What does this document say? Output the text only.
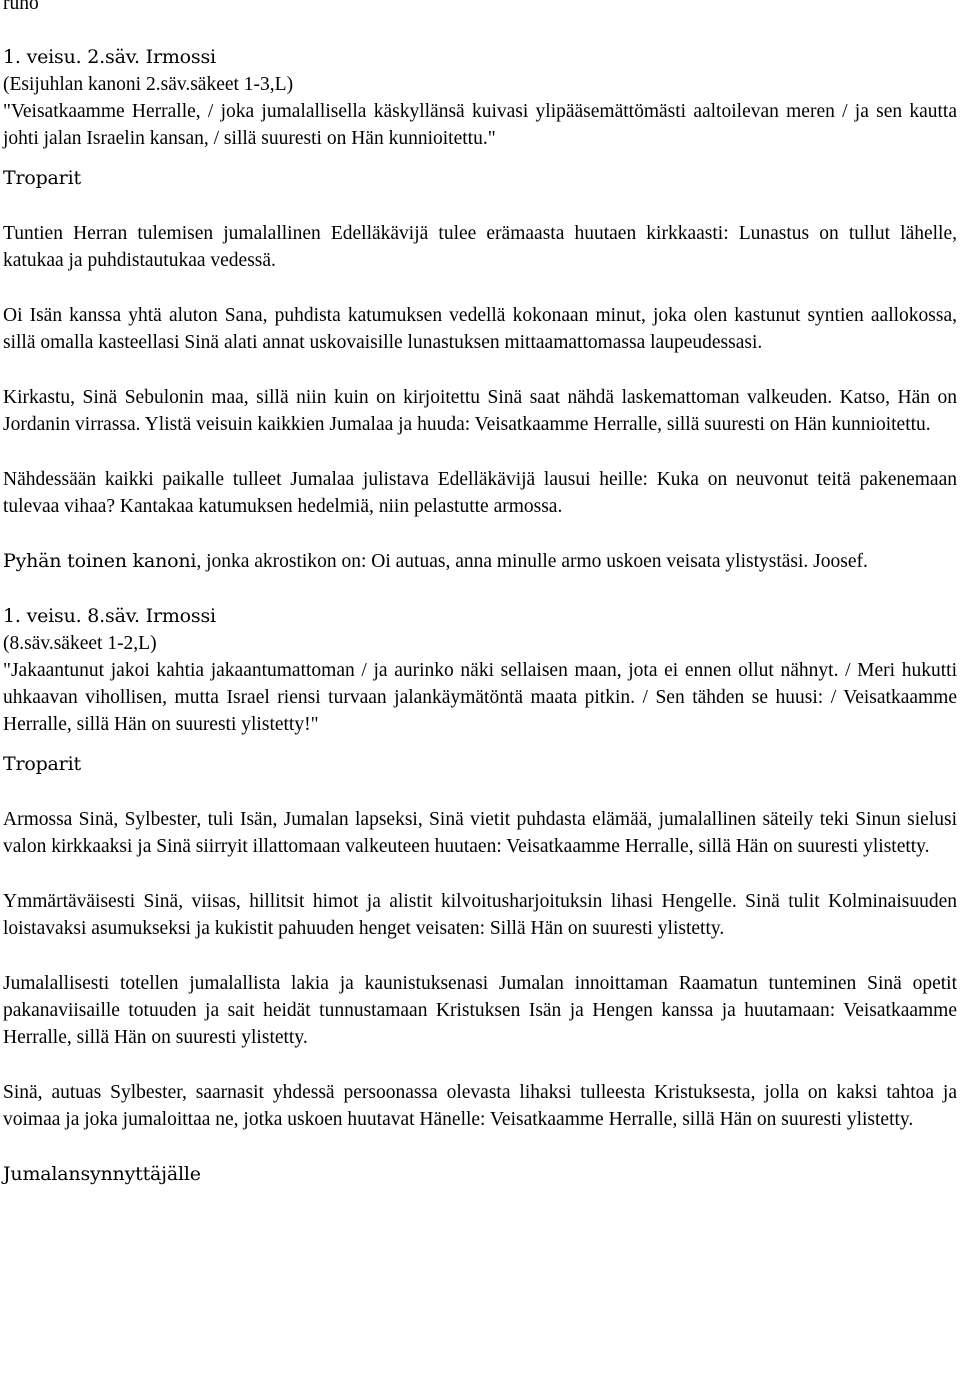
runo

1. veisu. 2.säv. Irmossi

(Esijuhlan kanoni 2.säv.säkeet 1-3,L)

"Veisatkaamme Herralle, / joka jumalallisella käskyllänsä kuivasi ylipääsemättömästi aaltoilevan meren / ja sen kautta johti jalan Israelin kansan, / sillä suuresti on Hän kunnioitettu."

Troparit

Tuntien Herran tulemisen jumalallinen Edelläkävijä tulee erämaasta huutaen kirkkaasti: Lunastus on tullut lähelle, katukaa ja puhdistautukaa vedessä.

Oi Isän kanssa yhtä aluton Sana, puhdista katumuksen vedellä kokonaan minut, joka olen kastunut syntien aallokossa, sillä omalla kasteellasi Sinä alati annat uskovaisille lunastuksen mittaamattomassa laupeudessasi.

Kirkastu, Sinä Sebulonin maa, sillä niin kuin on kirjoitettu Sinä saat nähdä laskemattoman valkeuden. Katso, Hän on Jordanin virrassa. Ylistä veisuin kaikkien Jumalaa ja huuda: Veisatkaamme Herralle, sillä suuresti on Hän kunnioitettu.

Nähdessään kaikki paikalle tulleet Jumalaa julistava Edelläkävijä lausui heille: Kuka on neuvonut teitä pakenemaan tulevaa vihaa? Kantakaa katumuksen hedelmiä, niin pelastutte armossa.

Pyhän toinen kanoni, jonka akrostikon on: Oi autuas, anna minulle armo uskoen veisata ylistystäsi. Joosef.

1. veisu. 8.säv. Irmossi

(8.säv.säkeet 1-2,L)

"Jakaantunut jakoi kahtia jakaantumattoman / ja aurinko näki sellaisen maan, jota ei ennen ollut nähnyt. / Meri hukutti uhkaavan vihollisen, mutta Israel riensi turvaan jalankäymätöntä maata pitkin. / Sen tähden se huusi: / Veisatkaamme Herralle, sillä Hän on suuresti ylistetty!"

Troparit

Armossa Sinä, Sylbester, tuli Isän, Jumalan lapseksi, Sinä vietit puhdasta elämää, jumalallinen säteily teki Sinun sielusi valon kirkkaaksi ja Sinä siirryit illattomaan valkeuteen huutaen: Veisatkaamme Herralle, sillä Hän on suuresti ylistetty.

Ymmärtäväisesti Sinä, viisas, hillitsit himot ja alistit kilvoitusharjoituksin lihasi Hengelle. Sinä tulit Kolminaisuuden loistavaksi asumukseksi ja kukistit pahuuden henget veisaten: Sillä Hän on suuresti ylistetty.

Jumalallisesti totellen jumalallista lakia ja kaunistuksenasi Jumalan innoittaman Raamatun tunteminen Sinä opetit pakanaviisaille totuuden ja sait heidät tunnustamaan Kristuksen Isän ja Hengen kanssa ja huutamaan: Veisatkaamme Herralle, sillä Hän on suuresti ylistetty.

Sinä, autuas Sylbester, saarnasit yhdessä persoonassa olevasta lihaksi tulleesta Kristuksesta, jolla on kaksi tahtoa ja voimaa ja joka jumaloittaa ne, jotka uskoen huutavat Hänelle: Veisatkaamme Herralle, sillä Hän on suuresti ylistetty.

Jumalansynnyttäjälle
